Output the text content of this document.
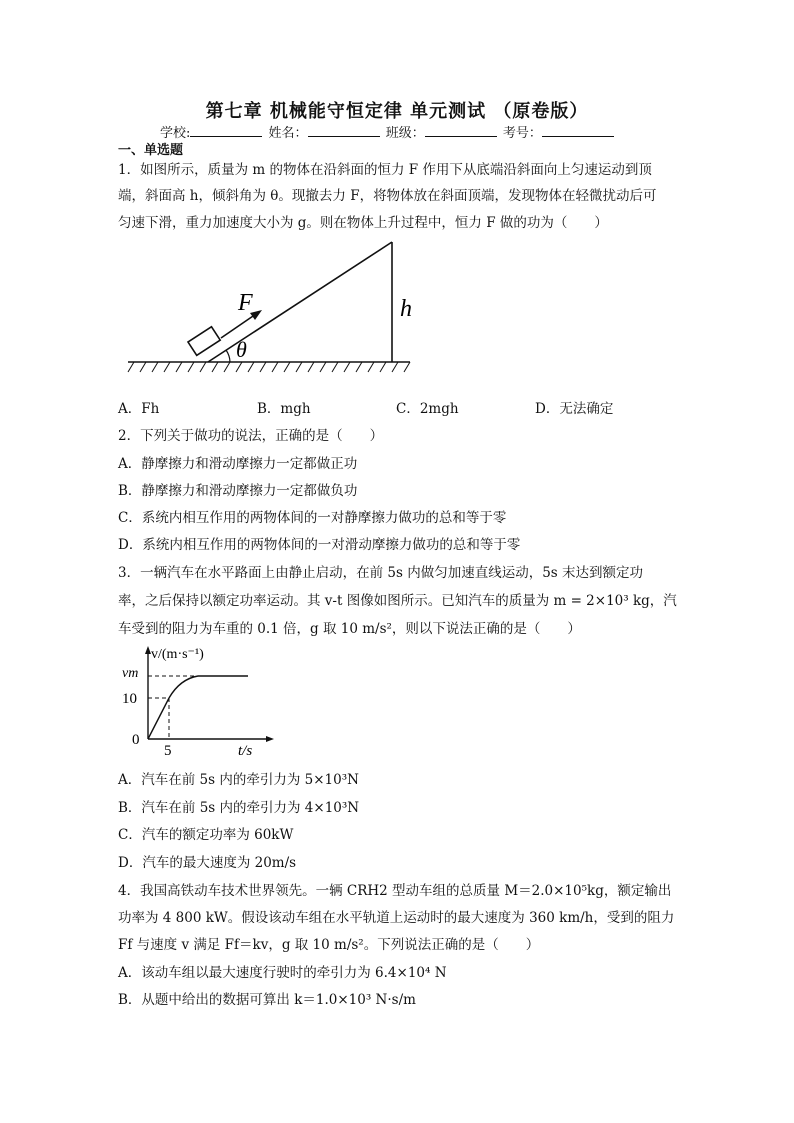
第七章 机械能守恒定律 单元测试 （原卷版）
学校:	姓名：	班级：	考号：
一、单选题
1．如图所示，质量为 m 的物体在沿斜面的恒力 F 作用下从底端沿斜面向上匀速运动到顶
端，斜面高 h，倾斜角为 θ。现撤去力 F，将物体放在斜面顶端，发现物体在轻微扰动后可
匀速下滑，重力加速度大小为 g。则在物体上升过程中，恒力 F 做的功为（　　）
F	h
θ
A．Fh	B．mgh	C．2mgh	D．无法确定
2．下列关于做功的说法，正确的是（　　）
A．静摩擦力和滑动摩擦力一定都做正功
B．静摩擦力和滑动摩擦力一定都做负功
C．系统内相互作用的两物体间的一对静摩擦力做功的总和等于零
D．系统内相互作用的两物体间的一对滑动摩擦力做功的总和等于零
3．一辆汽车在水平路面上由静止启动，在前 5s 内做匀加速直线运动，5s 末达到额定功
率，之后保持以额定功率运动。其 v-t 图像如图所示。已知汽车的质量为 m = 2×10³ kg，汽
车受到的阻力为车重的 0.1 倍，g 取 10 m/s²，则以下说法正确的是（　　）
v/(m·s⁻¹)
vm
10
0
5	t/s
A．汽车在前 5s 内的牵引力为 5×10³N
B．汽车在前 5s 内的牵引力为 4×10³N
C．汽车的额定功率为 60kW
D．汽车的最大速度为 20m/s
4．我国高铁动车技术世界领先。一辆 CRH2 型动车组的总质量 M＝2.0×10⁵kg，额定输出
功率为 4 800 kW。假设该动车组在水平轨道上运动时的最大速度为 360 km/h，受到的阻力
Ff 与速度 v 满足 Ff＝kv，g 取 10 m/s²。下列说法正确的是（　　）
A．该动车组以最大速度行驶时的牵引力为 6.4×10⁴ N
B．从题中给出的数据可算出 k＝1.0×10³ N·s/m
